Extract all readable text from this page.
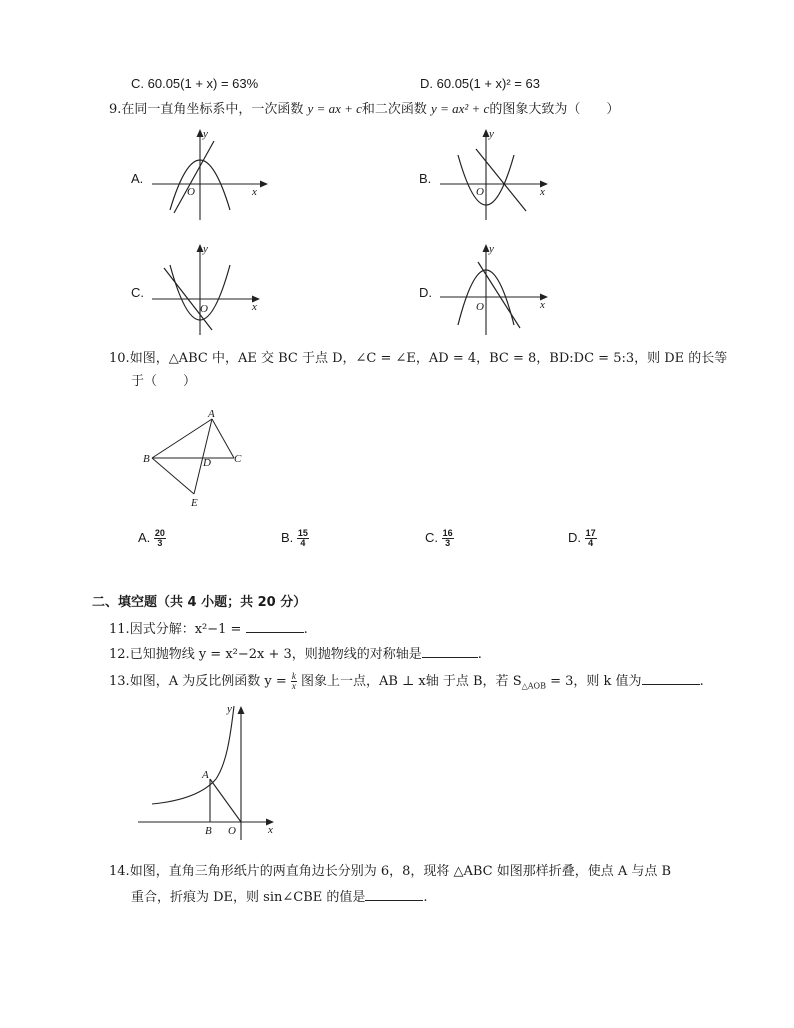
C. 60.05(1 + x) = 63%	D. 60.05(1 + x)² = 63
9.在同一直角坐标系中，一次函数 y = ax + c和二次函数 y = ax² + c的图象大致为（　　）
A.	B.
C.	D.
y
x
O
y
x
O
y
x
O
y
x
O
10.如图，△ABC 中，AE 交 BC 于点 D，∠C = ∠E，AD = 4，BC = 8，BD:DC = 5:3，则 DE 的长等
于（　　）
A
B	C
D
E
A. $\frac{20}{3}$	B. $\frac{15}{4}$	C. $\frac{16}{3}$	D. $\frac{17}{4}$
二、填空题（共 4 小题；共 20 分）
11.因式分解：x²−1 =	.
12.已知抛物线 y = x²−2x + 3，则抛物线的对称轴是	.
13.如图，A 为反比例函数 $y = \frac{k}{x}$ 图象上一点，AB ⊥ x轴 于点 B，若 $S_{\triangle AOB} = 3$，则 k 值为	.
y
x
A
B O
14.如图，直角三角形纸片的两直角边长分别为 6，8，现将 △ABC 如图那样折叠，使点 A 与点 B
重合，折痕为 DE，则 sin∠CBE 的值是	.
